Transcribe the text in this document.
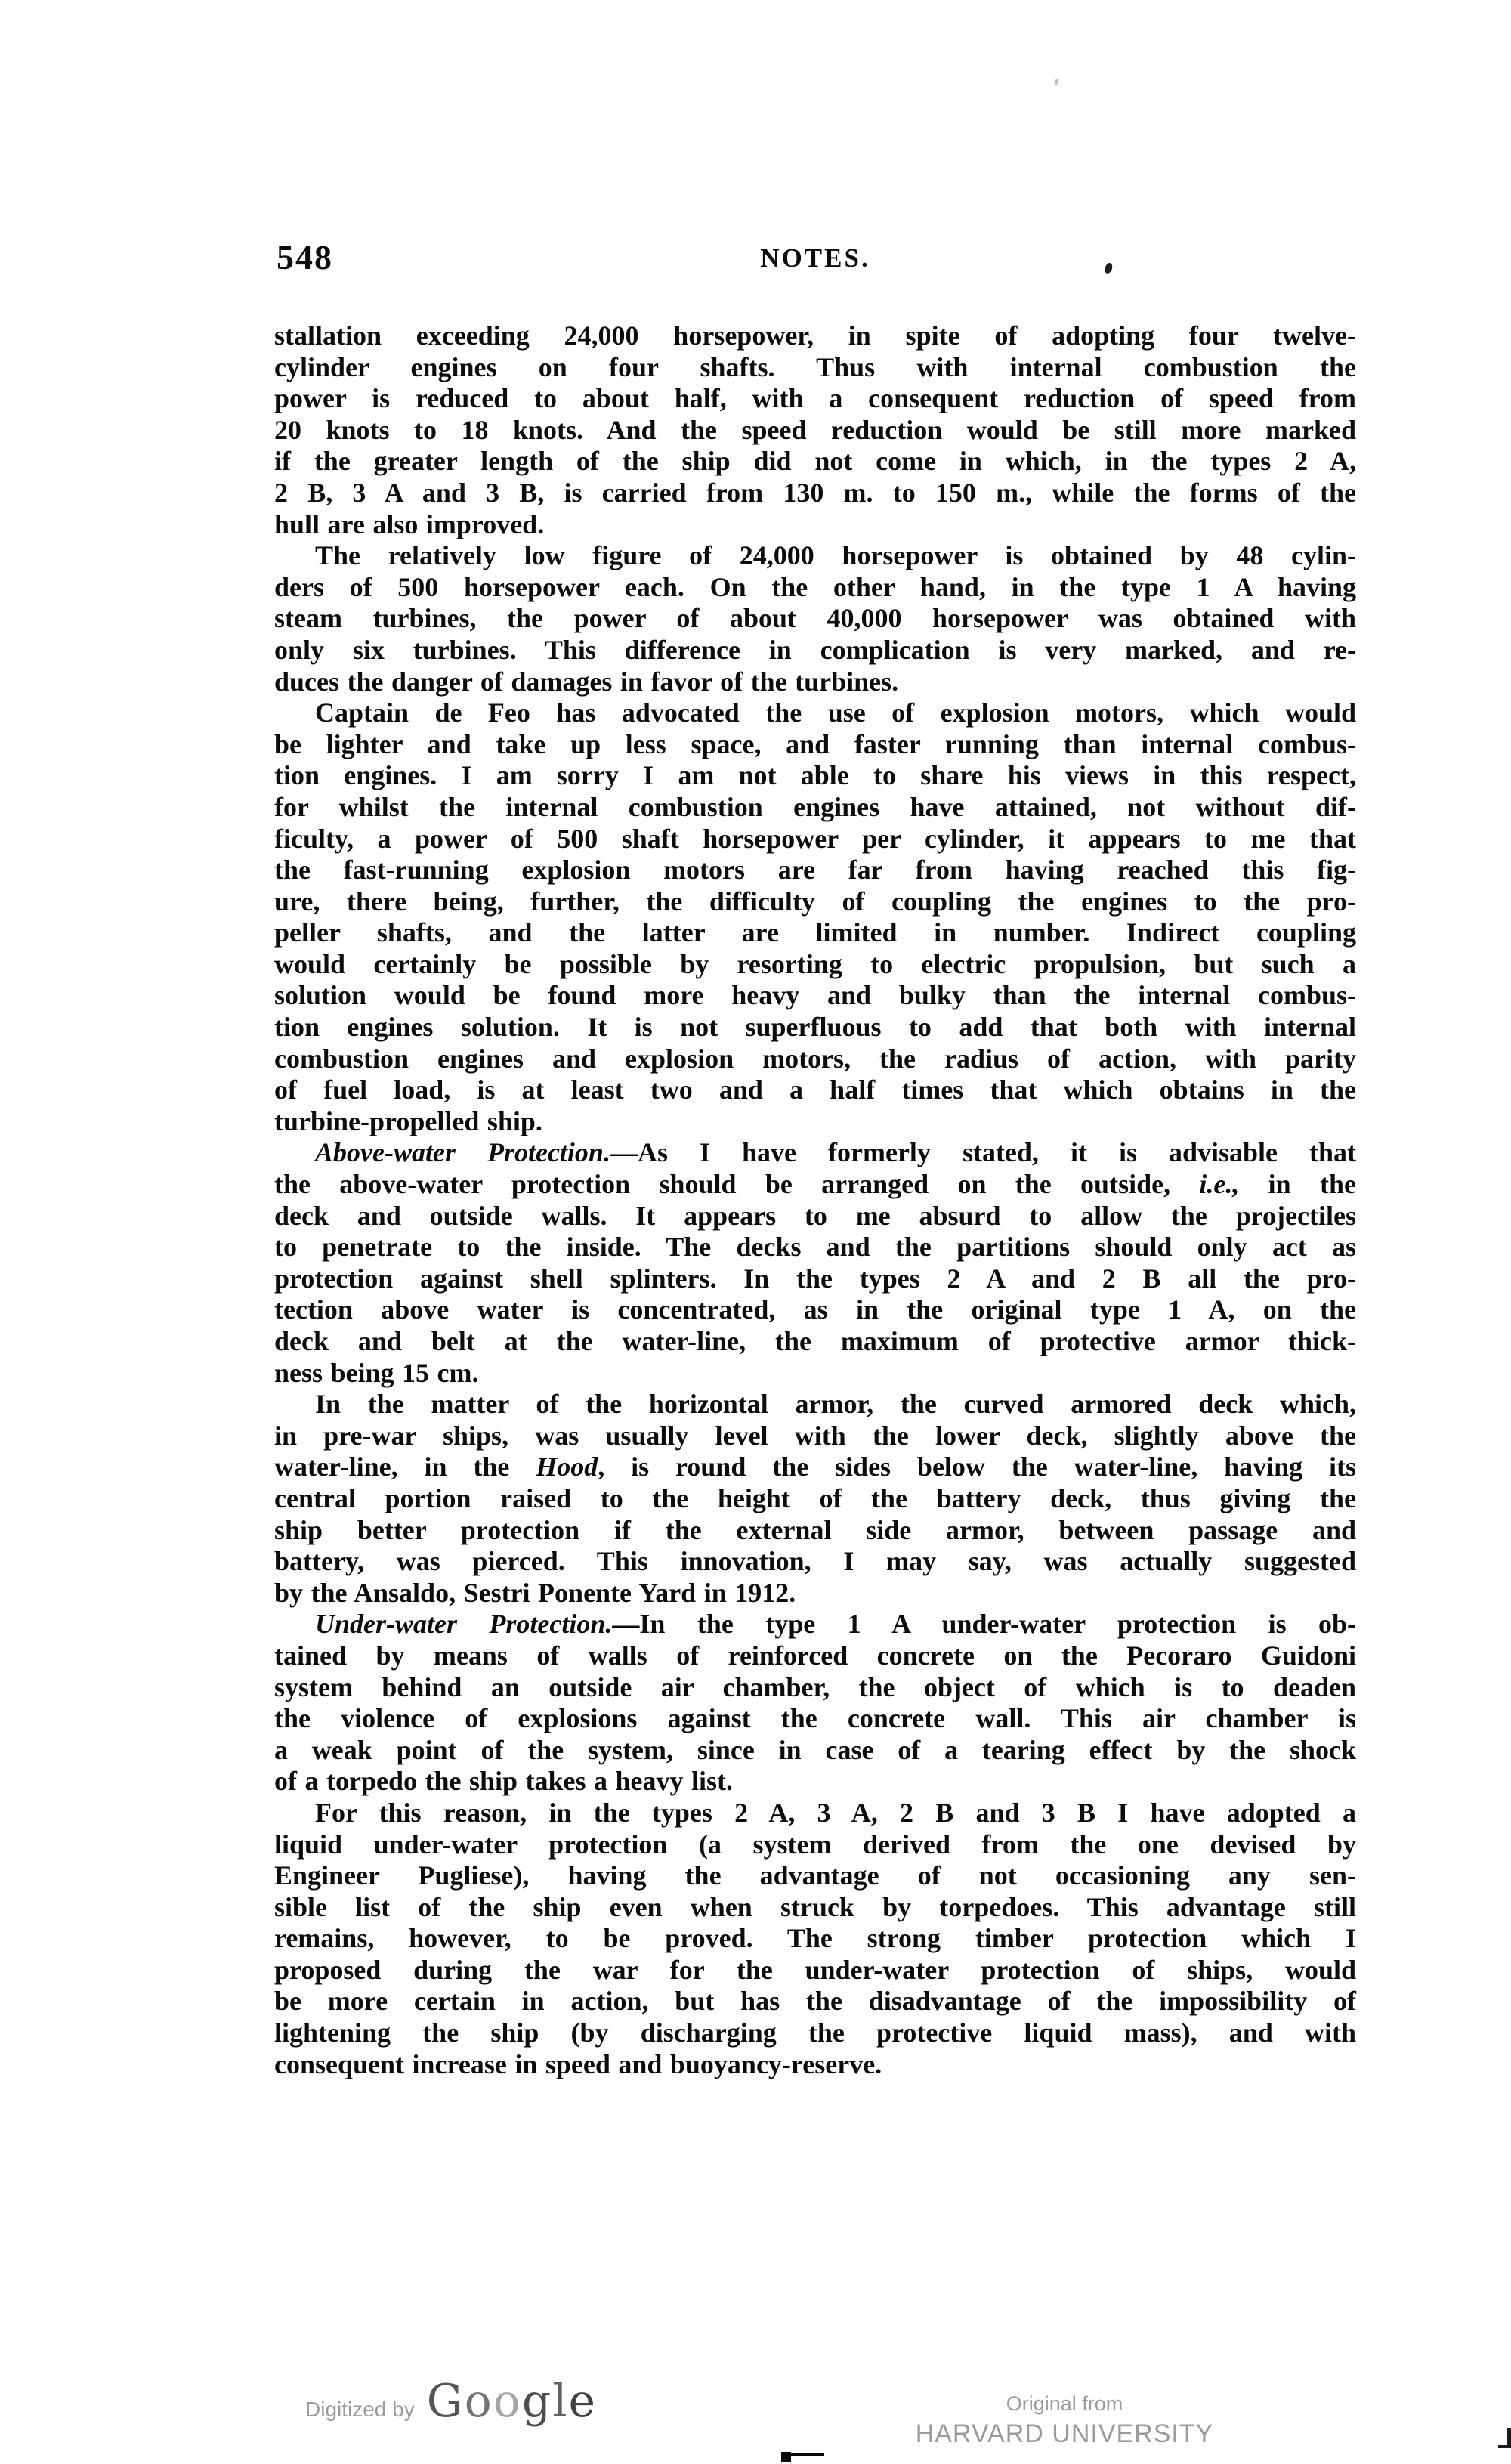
548	NOTES.

stallation exceeding 24,000 horsepower, in spite of adopting four twelve-
cylinder engines on four shafts. Thus with internal combustion the
power is reduced to about half, with a consequent reduction of speed from
20 knots to 18 knots. And the speed reduction would be still more marked
if the greater length of the ship did not come in which, in the types 2 A,
2 B, 3 A and 3 B, is carried from 130 m. to 150 m., while the forms of the
hull are also improved.

The relatively low figure of 24,000 horsepower is obtained by 48 cylin-
ders of 500 horsepower each. On the other hand, in the type 1 A having
steam turbines, the power of about 40,000 horsepower was obtained with
only six turbines. This difference in complication is very marked, and re-
duces the danger of damages in favor of the turbines.

Captain de Feo has advocated the use of explosion motors, which would
be lighter and take up less space, and faster running than internal combus-
tion engines. I am sorry I am not able to share his views in this respect,
for whilst the internal combustion engines have attained, not without dif-
ficulty, a power of 500 shaft horsepower per cylinder, it appears to me that
the fast-running explosion motors are far from having reached this fig-
ure, there being, further, the difficulty of coupling the engines to the pro-
peller shafts, and the latter are limited in number. Indirect coupling
would certainly be possible by resorting to electric propulsion, but such a
solution would be found more heavy and bulky than the internal combus-
tion engines solution. It is not superfluous to add that both with internal
combustion engines and explosion motors, the radius of action, with parity
of fuel load, is at least two and a half times that which obtains in the
turbine-propelled ship.

Above-water Protection.—As I have formerly stated, it is advisable that
the above-water protection should be arranged on the outside, i.e., in the
deck and outside walls. It appears to me absurd to allow the projectiles
to penetrate to the inside. The decks and the partitions should only act as
protection against shell splinters. In the types 2 A and 2 B all the pro-
tection above water is concentrated, as in the original type 1 A, on the
deck and belt at the water-line, the maximum of protective armor thick-
ness being 15 cm.

In the matter of the horizontal armor, the curved armored deck which,
in pre-war ships, was usually level with the lower deck, slightly above the
water-line, in the Hood, is round the sides below the water-line, having its
central portion raised to the height of the battery deck, thus giving the
ship better protection if the external side armor, between passage and
battery, was pierced. This innovation, I may say, was actually suggested
by the Ansaldo, Sestri Ponente Yard in 1912.

Under-water Protection.—In the type 1 A under-water protection is ob-
tained by means of walls of reinforced concrete on the Pecoraro Guidoni
system behind an outside air chamber, the object of which is to deaden
the violence of explosions against the concrete wall. This air chamber is
a weak point of the system, since in case of a tearing effect by the shock
of a torpedo the ship takes a heavy list.

For this reason, in the types 2 A, 3 A, 2 B and 3 B I have adopted a
liquid under-water protection (a system derived from the one devised by
Engineer Pugliese), having the advantage of not occasioning any sen-
sible list of the ship even when struck by torpedoes. This advantage still
remains, however, to be proved. The strong timber protection which I
proposed during the war for the under-water protection of ships, would
be more certain in action, but has the disadvantage of the impossibility of
lightening the ship (by discharging the protective liquid mass), and with
consequent increase in speed and buoyancy-reserve.

Digitized by Google	Original from
HARVARD UNIVERSITY
